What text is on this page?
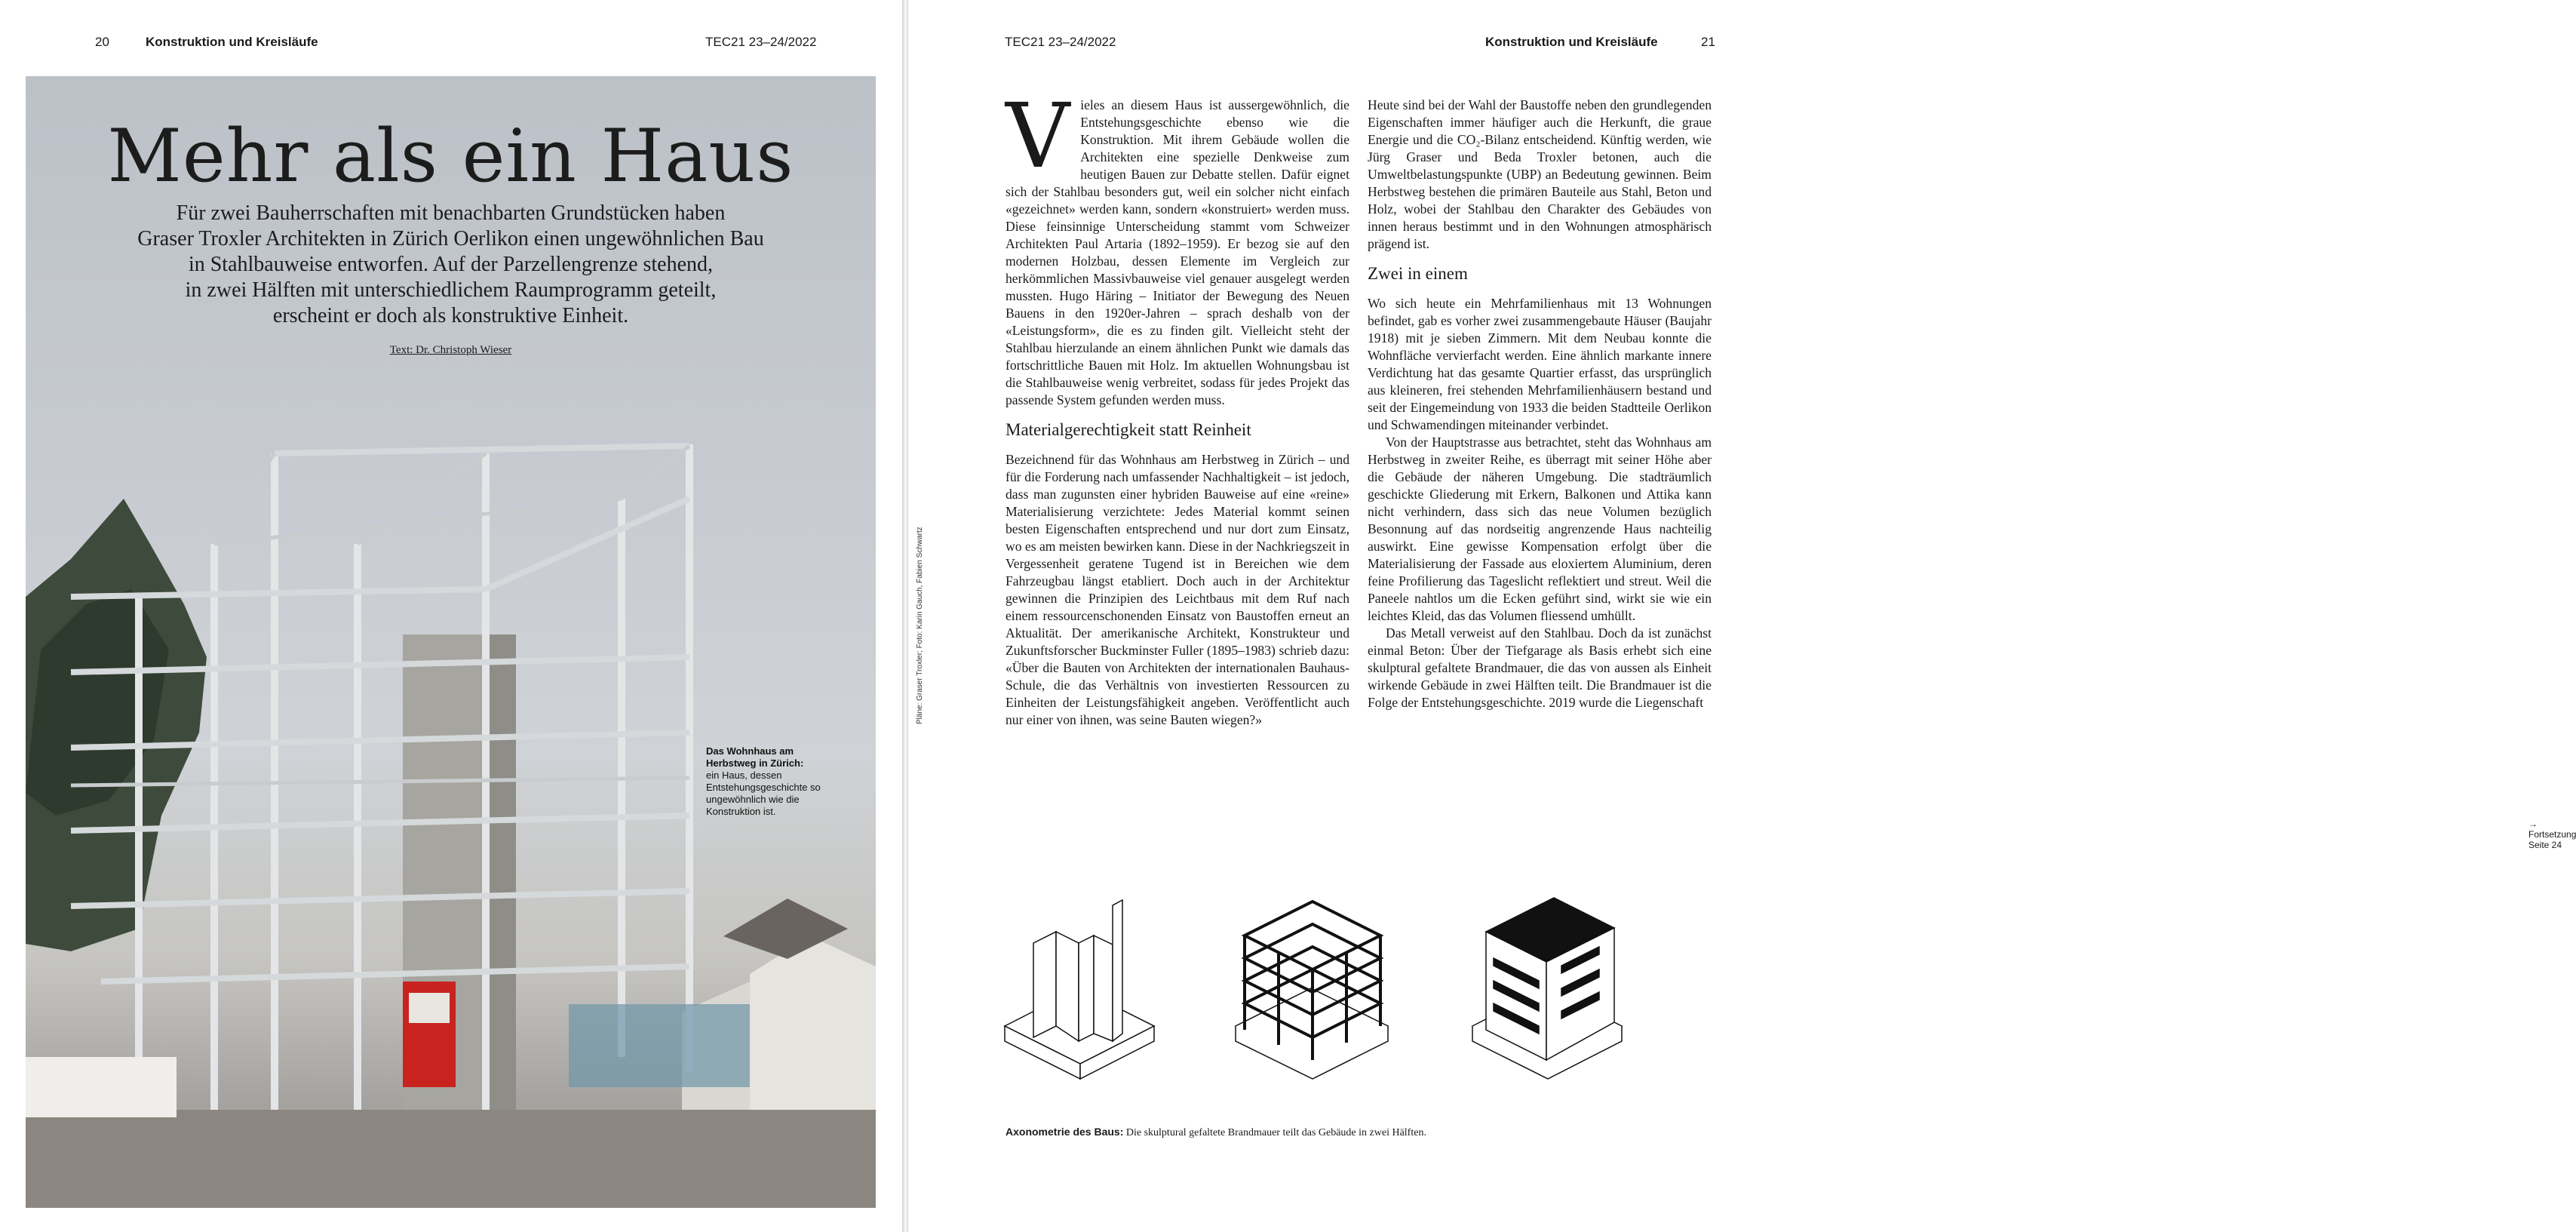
20	Konstruktion und Kreisläufe	TEC21 23–24/2022
Mehr als ein Haus
Für zwei Bauherrschaften mit benachbarten Grundstücken haben
Graser Troxler Architekten in Zürich Oerlikon einen ungewöhnlichen Bau
in Stahlbauweise entworfen. Auf der Parzellengrenze stehend,
in zwei Hälften mit unterschiedlichem Raumprogramm geteilt,
erscheint er doch als konstruktive Einheit.
Text: Dr. Christoph Wieser
Das Wohnhaus am Herbstweg in Zürich:
ein Haus, dessen Entstehungsgeschichte so ungewöhnlich wie die Konstruktion ist.
TEC21 23–24/2022	Konstruktion und Kreisläufe	21
V ieles an diesem Haus ist aussergewöhnlich, die Entstehungsgeschichte ebenso wie die Konstruktion. Mit ihrem Gebäude wollen die Architekten eine spezielle Denkweise zum heutigen Bauen zur Debatte stellen. Dafür eignet sich der Stahlbau besonders gut, weil ein solcher nicht einfach «gezeichnet» werden kann, sondern «konstruiert» werden muss. Diese feinsinnige Unterscheidung stammt vom Schweizer Architekten Paul Artaria (1892–1959). Er bezog sie auf den modernen Holzbau, dessen Elemente im Vergleich zur herkömmlichen Massivbauweise viel genauer ausgelegt werden mussten. Hugo Häring – Initiator der Bewegung des Neuen Bauens in den 1920er-Jahren – sprach deshalb von der «Leistungsform», die es zu finden gilt. Vielleicht steht der Stahlbau hierzulande an einem ähnlichen Punkt wie damals das fortschrittliche Bauen mit Holz. Im aktuellen Wohnungsbau ist die Stahlbauweise wenig verbreitet, sodass für jedes Projekt das passende System gefunden werden muss.

Materialgerechtigkeit statt Reinheit

Bezeichnend für das Wohnhaus am Herbstweg in Zürich – und für die Forderung nach umfassender Nachhaltigkeit – ist jedoch, dass man zugunsten einer hybriden Bauweise auf eine «reine» Materialisierung verzichtete: Jedes Material kommt seinen besten Eigenschaften entsprechend und nur dort zum Einsatz, wo es am meisten bewirken kann. Diese in der Nachkriegszeit in Vergessenheit geratene Tugend ist in Bereichen wie dem Fahrzeugbau längst etabliert. Doch auch in der Architektur gewinnen die Prinzipien des Leichtbaus mit dem Ruf nach einem ressourcenschonenden Einsatz von Baustoffen erneut an Aktualität. Der amerikanische Architekt, Konstrukteur und Zukunftsforscher Buckminster Fuller (1895–1983) schrieb dazu: «Über die Bauten von Architekten der internationalen Bauhaus-Schule, die das Verhältnis von investierten Ressourcen zu Einheiten der Leistungsfähigkeit angeben. Veröffentlicht auch nur einer von ihnen, was seine Bauten wiegen?»

Heute sind bei der Wahl der Baustoffe neben den grundlegenden Eigenschaften immer häufiger auch die Herkunft, die graue Energie und die CO₂-Bilanz entscheidend. Künftig werden, wie Jürg Graser und Beda Troxler betonen, auch die Umweltbelastungspunkte (UBP) an Bedeutung gewinnen. Beim Herbstweg bestehen die primären Bauteile aus Stahl, Beton und Holz, wobei der Stahlbau den Charakter des Gebäudes von innen heraus bestimmt und in den Wohnungen atmosphärisch prägend ist.

Zwei in einem

Wo sich heute ein Mehrfamilienhaus mit 13 Wohnungen befindet, gab es vorher zwei zusammengebaute Häuser (Baujahr 1918) mit je sieben Zimmern. Mit dem Neubau konnte die Wohnfläche vervierfacht werden. Eine ähnlich markante innere Verdichtung hat das gesamte Quartier erfasst, das ursprünglich aus kleineren, frei stehenden Mehrfamilienhäusern bestand und seit der Eingemeindung von 1933 die beiden Stadtteile Oerlikon und Schwamendingen miteinander verbindet.

Von der Hauptstrasse aus betrachtet, steht das Wohnhaus am Herbstweg in zweiter Reihe, es überragt mit seiner Höhe aber die Gebäude der näheren Umgebung. Die stadträumlich geschickte Gliederung mit Erkern, Balkonen und Attika kann nicht verhindern, dass sich das neue Volumen bezüglich Besonnung auf das nordseitig angrenzende Haus nachteilig auswirkt. Eine gewisse Kompensation erfolgt über die Materialisierung der Fassade aus eloxiertem Aluminium, deren feine Profilierung das Tageslicht reflektiert und streut. Weil die Paneele nahtlos um die Ecken geführt sind, wirkt sie wie ein leichtes Kleid, das das Volumen fliessend umhüllt.

Das Metall verweist auf den Stahlbau. Doch da ist zunächst einmal Beton: Über der Tiefgarage als Basis erhebt sich eine skulptural gefaltete Brandmauer, die das von aussen als Einheit wirkende Gebäude in zwei Hälften teilt. Die Brandmauer ist die Folge der Entstehungsgeschichte. 2019 wurde die Liegenschaft

→ Fortsetzung Seite 24
Pläne: Graser Troxler; Foto: Karin Gauch, Fabien Schwartz
Axonometrie des Baus: Die skulptural gefaltete Brandmauer teilt das Gebäude in zwei Hälften.
